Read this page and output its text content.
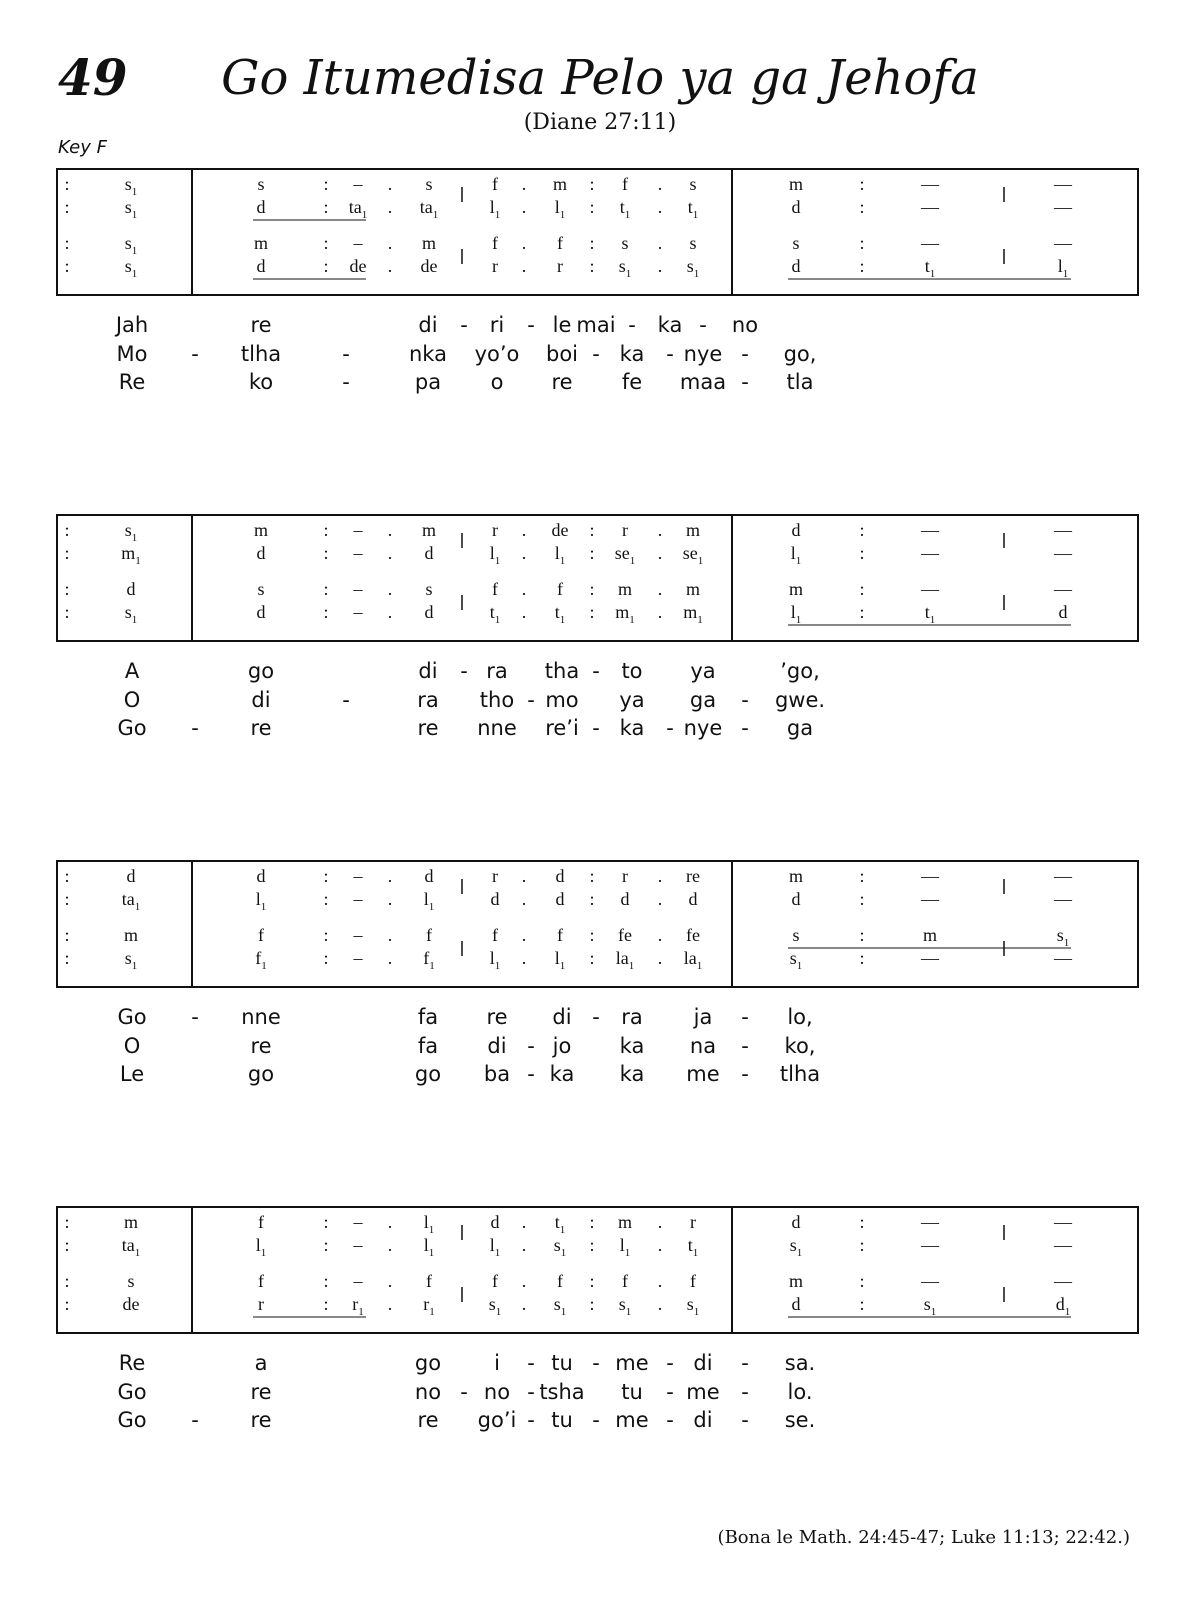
49	Go Itumedisa Pelo ya ga Jehofa
(Diane 27:11)
Key F
:	$s_1$	s	: – . s	f . m : f . s	m	:	—	—
:	$s_1$	d	: $ta_1$ . $ta_1$	$l_1$ . $l_1$ : $t_1$ . $t_1$	d	:	—	—
:	$s_1$	m	: – . m	f . f : s . s	s	:	—	—
:	$s_1$	d	: de . de	r . r : $s_1$ . $s_1$	d	:	$t_1$	$l_1$
Jah	re	di - ri - le mai - ka - no
Mo - tlha	-	nka yo’o boi - ka - nye - go,
Re	ko	-	pa o re fe maa - tla
:	$s_1$	m	: – . m	r . de : r . m	d	:	—	—
:	$m_1$	d	: – . d	$l_1$ . $l_1$ : $se_1$ . $se_1$	$l_1$	:	—	—
:	d	s	: – . s	f . f : m . m	m	:	—	—
:	$s_1$	d	: – . d	$t_1$ . $t_1$ : $m_1$ . $m_1$	$l_1$	:	$t_1$	d
A	go	di - ra tha - to ya	’go,
O	di	-	ra tho - mo ya ga - gwe.
Go - re	re nne re’i - ka - nye - ga
:	d	d	: – . d	r . d : r . re	m	:	—	—
:	$ta_1$	$l_1$	: – . $l_1$	d . d : d . d	d	:	—	—
:	m	f	: – . f	f . f : fe . fe	s	:	m	$s_1$
:	$s_1$	$f_1$	: – . $f_1$	$l_1$ . $l_1$ : $la_1$ . $la_1$	$s_1$	:	—	—
Go - nne	fa re di - ra ja - lo,
O	re	fa di - jo ka na - ko,
Le	go	go ba - ka ka me - tlha
:	m	f	: – . $l_1$	d . $t_1$ : m . r	d	:	—	—
:	$ta_1$	$l_1$	: – . $l_1$	$l_1$ . $s_1$ : $l_1$ . $t_1$	$s_1$	:	—	—
:	s	f	: – . f	f . f : f . f	m	:	—	—
:	de	r	: $r_1$ . $r_1$	$s_1$ . $s_1$ : $s_1$ . $s_1$	d	:	$s_1$	$d_1$
Re	a	go	i - tu - me - di - sa.
Go	re	no - no - tsha tu - me - lo.
Go - re	re go’i - tu - me - di - se.
(Bona le Math. 24:45-47; Luke 11:13; 22:42.)
